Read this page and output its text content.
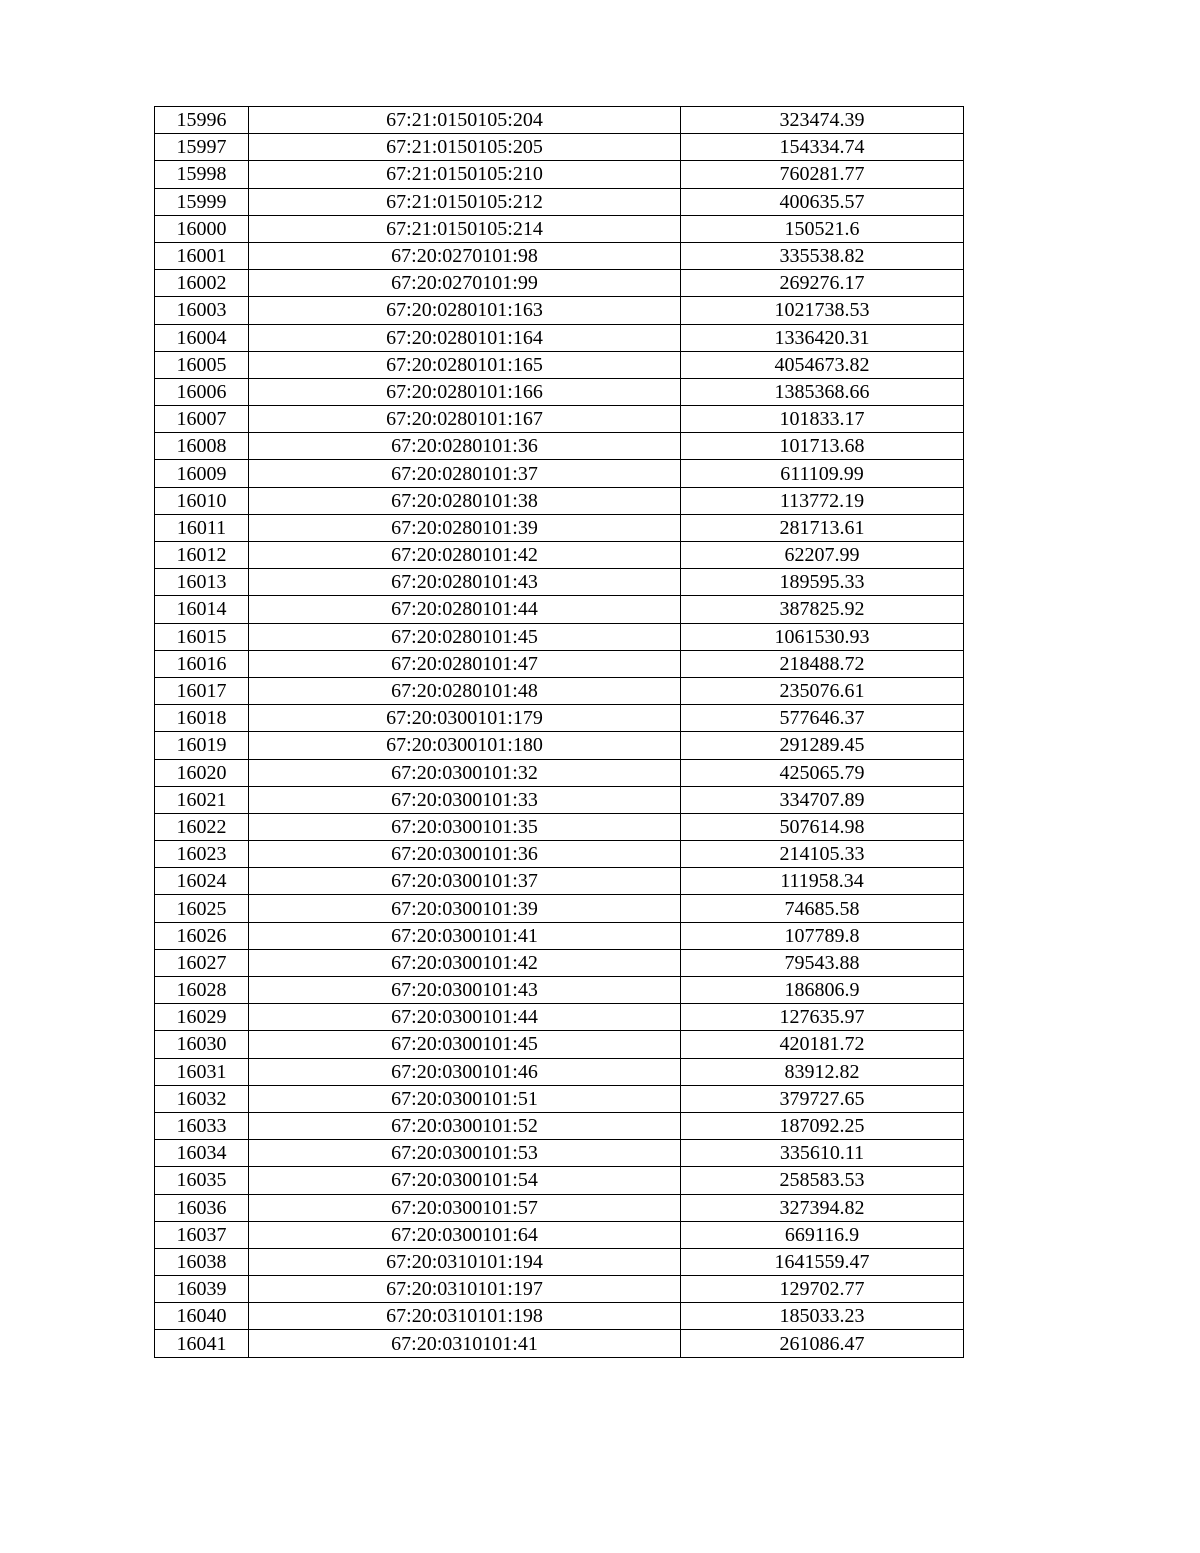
15996	67:21:0150105:204	323474.39
15997	67:21:0150105:205	154334.74
15998	67:21:0150105:210	760281.77
15999	67:21:0150105:212	400635.57
16000	67:21:0150105:214	150521.6
16001	67:20:0270101:98	335538.82
16002	67:20:0270101:99	269276.17
16003	67:20:0280101:163	1021738.53
16004	67:20:0280101:164	1336420.31
16005	67:20:0280101:165	4054673.82
16006	67:20:0280101:166	1385368.66
16007	67:20:0280101:167	101833.17
16008	67:20:0280101:36	101713.68
16009	67:20:0280101:37	611109.99
16010	67:20:0280101:38	113772.19
16011	67:20:0280101:39	281713.61
16012	67:20:0280101:42	62207.99
16013	67:20:0280101:43	189595.33
16014	67:20:0280101:44	387825.92
16015	67:20:0280101:45	1061530.93
16016	67:20:0280101:47	218488.72
16017	67:20:0280101:48	235076.61
16018	67:20:0300101:179	577646.37
16019	67:20:0300101:180	291289.45
16020	67:20:0300101:32	425065.79
16021	67:20:0300101:33	334707.89
16022	67:20:0300101:35	507614.98
16023	67:20:0300101:36	214105.33
16024	67:20:0300101:37	111958.34
16025	67:20:0300101:39	74685.58
16026	67:20:0300101:41	107789.8
16027	67:20:0300101:42	79543.88
16028	67:20:0300101:43	186806.9
16029	67:20:0300101:44	127635.97
16030	67:20:0300101:45	420181.72
16031	67:20:0300101:46	83912.82
16032	67:20:0300101:51	379727.65
16033	67:20:0300101:52	187092.25
16034	67:20:0300101:53	335610.11
16035	67:20:0300101:54	258583.53
16036	67:20:0300101:57	327394.82
16037	67:20:0300101:64	669116.9
16038	67:20:0310101:194	1641559.47
16039	67:20:0310101:197	129702.77
16040	67:20:0310101:198	185033.23
16041	67:20:0310101:41	261086.47
